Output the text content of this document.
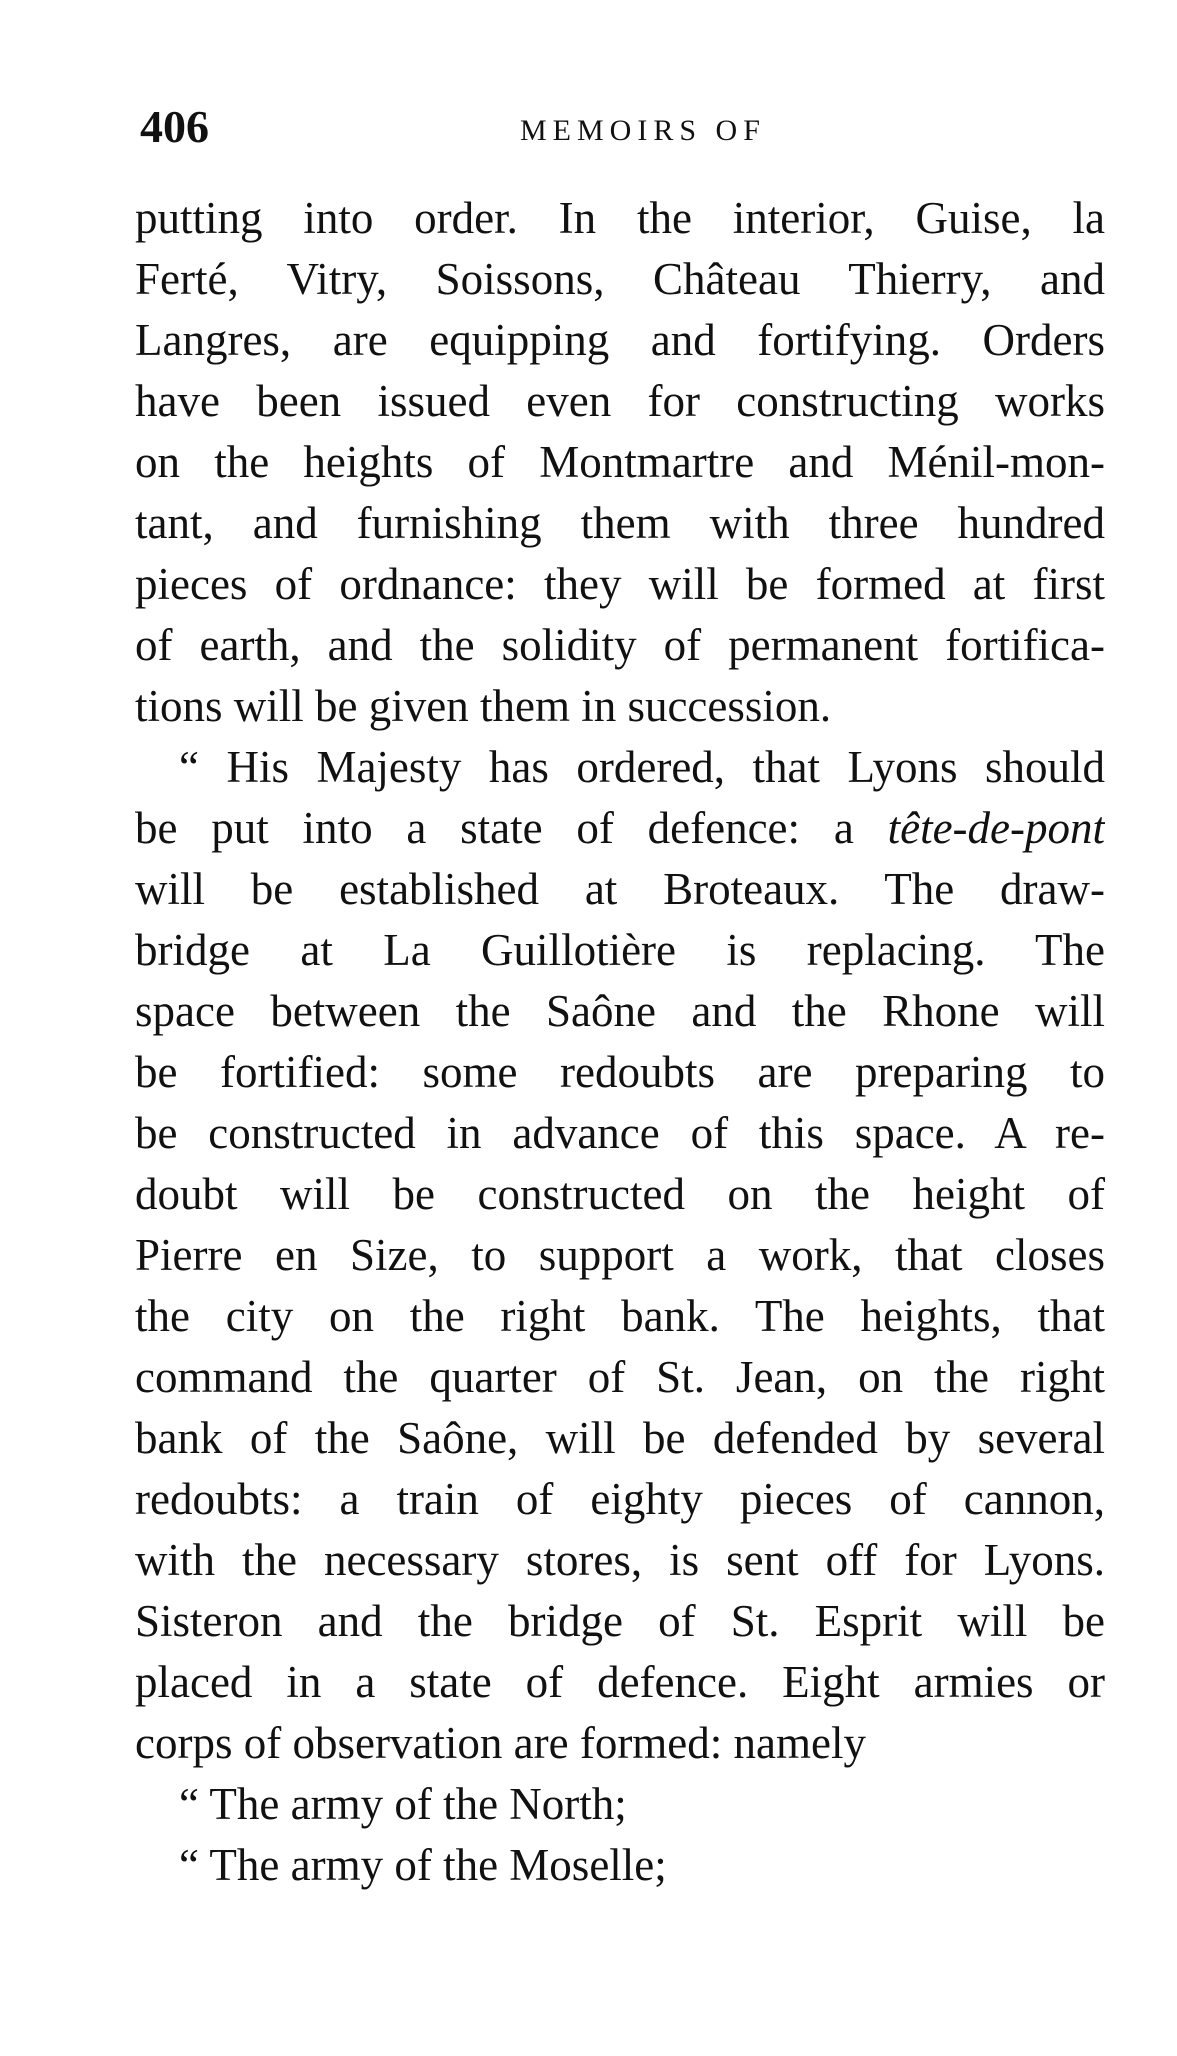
406	MEMOIRS OF
putting into order. In the interior, Guise, la
Ferté, Vitry, Soissons, Château Thierry, and
Langres, are equipping and fortifying. Orders
have been issued even for constructing works
on the heights of Montmartre and Ménil-mon-
tant, and furnishing them with three hundred
pieces of ordnance: they will be formed at first
of earth, and the solidity of permanent fortifica-
tions will be given them in succession.
“ His Majesty has ordered, that Lyons should
be put into a state of defence: a tête-de-pont
will be established at Broteaux. The draw-
bridge at La Guillotière is replacing. The
space between the Saône and the Rhone will
be fortified: some redoubts are preparing to
be constructed in advance of this space. A re-
doubt will be constructed on the height of
Pierre en Size, to support a work, that closes
the city on the right bank. The heights, that
command the quarter of St. Jean, on the right
bank of the Saône, will be defended by several
redoubts: a train of eighty pieces of cannon,
with the necessary stores, is sent off for Lyons.
Sisteron and the bridge of St. Esprit will be
placed in a state of defence. Eight armies or
corps of observation are formed: namely
“ The army of the North;
“ The army of the Moselle;
